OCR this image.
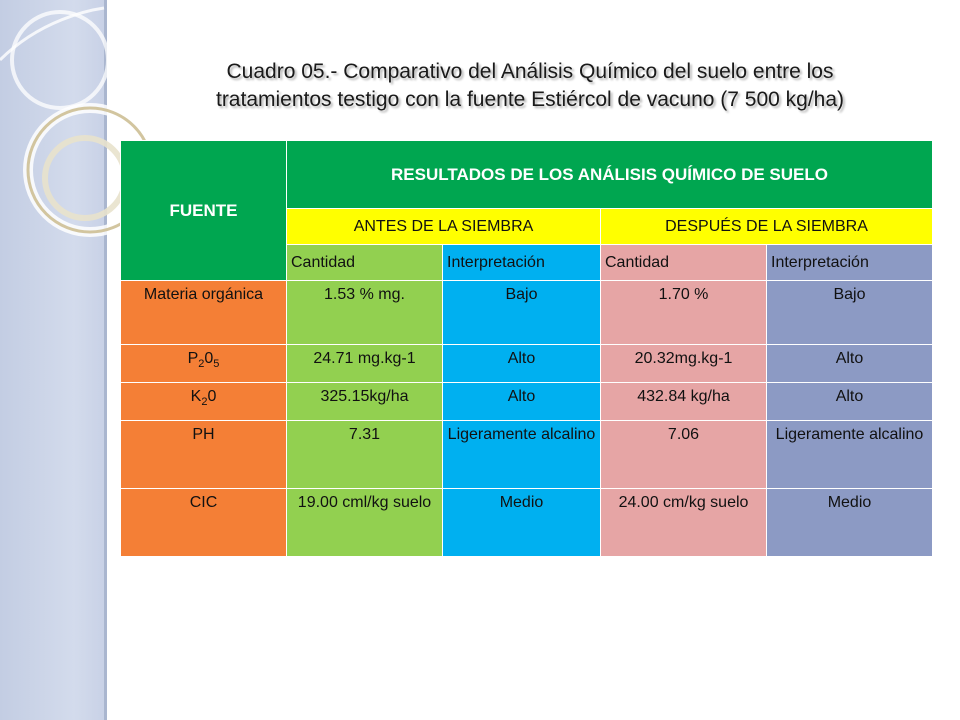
Cuadro 05.- Comparativo del Análisis Químico del suelo entre los
tratamientos testigo con la fuente Estiércol de vacuno (7 500 kg/ha)
FUENTE	RESULTADOS DE LOS ANÁLISIS QUÍMICO DE SUELO			
	ANTES DE LA SIEMBRA		DESPUÉS DE LA SIEMBRA	
	Cantidad	Interpretación	Cantidad	Interpretación
Materia orgánica	1.53 % mg.	Bajo	1.70 %	Bajo
$P_20_5$	24.71 mg.kg-1	Alto	20.32mg.kg-1	Alto
$K_20$	325.15kg/ha	Alto	432.84 kg/ha	Alto
PH	7.31	Ligeramente alcalino	7.06	Ligeramente alcalino
CIC	19.00 cml/kg suelo	Medio	24.00 cm/kg suelo	Medio
